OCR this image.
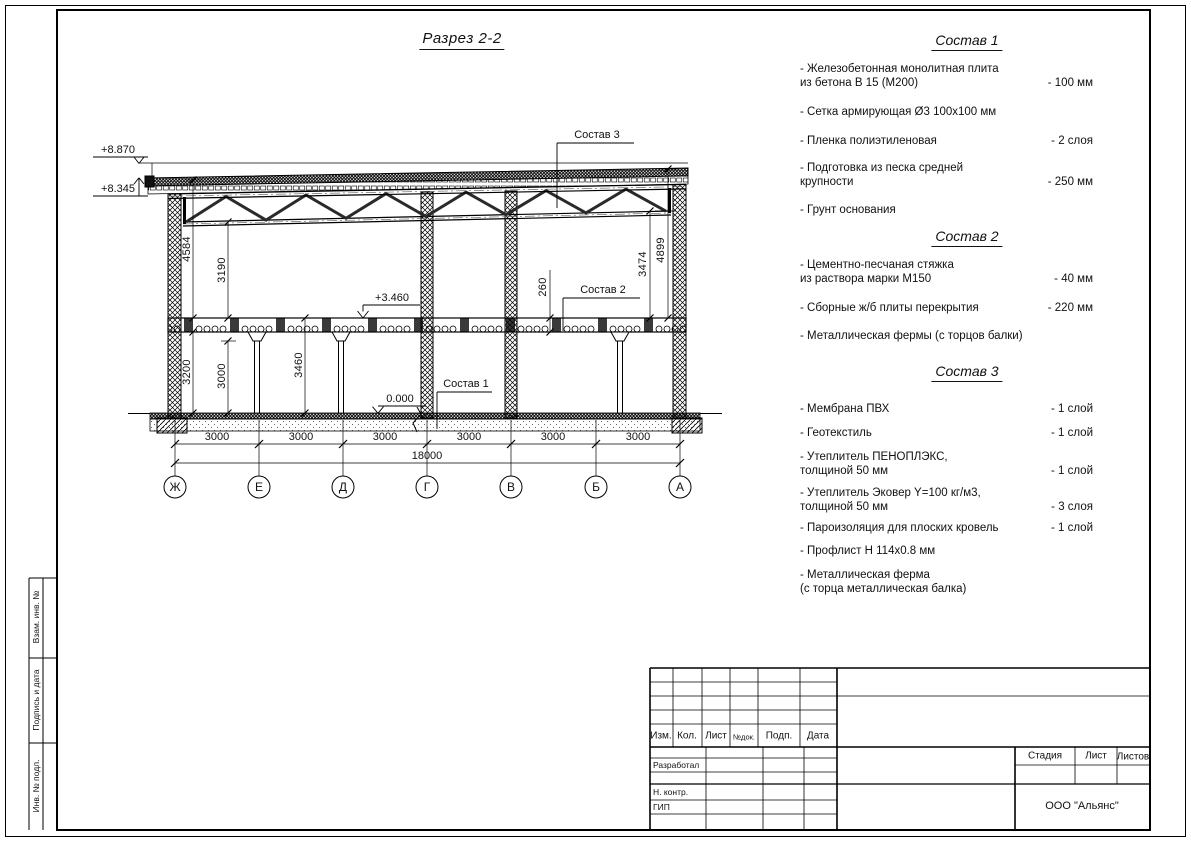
Разрез 2-2
+8.870
+8.345
+3.460
0.000
Состав 3
Состав 2
Состав 1
4584
3190
3200 3000	3460
260
3474
4899
3000	3000	3000	3000	3000	3000
18000
Ж	Е	Д	Г	В	Б	А
Состав 1
- Железобетонная монолитная плита
из бетона В 15 (М200)	- 100 мм
- Сетка армирующая Ø3 100x100 мм
- Пленка полиэтиленовая	- 2 слоя
- Подготовка из песка средней
крупности	- 250 мм
- Грунт основания
Состав 2
- Цементно-песчаная стяжка
из раствора марки М150	- 40 мм
- Сборные ж/б плиты перекрытия	- 220 мм
- Металлическая фермы (с торцов балки)
Состав 3
- Мембрана ПВХ	- 1 слой
- Геотекстиль	- 1 слой
- Утеплитель ПЕНОПЛЭКС,
толщиной 50 мм	- 1 слой
- Утеплитель Эковер Y=100 кг/м3,
толщиной 50 мм	- 3 слоя
- Пароизоляция для плоских кровель	- 1 слой
- Профлист Н 114x0.8 мм
- Металлическая ферма
(с торца металлическая балка)
Изм. Кол. Лист №док. Подп. Дата
Разработал
Н. контр.
ГИП
Стадия Лист Листов
ООО "Альянс"
Взам. инв. №
Подпись и дата
Инв. № подл.
